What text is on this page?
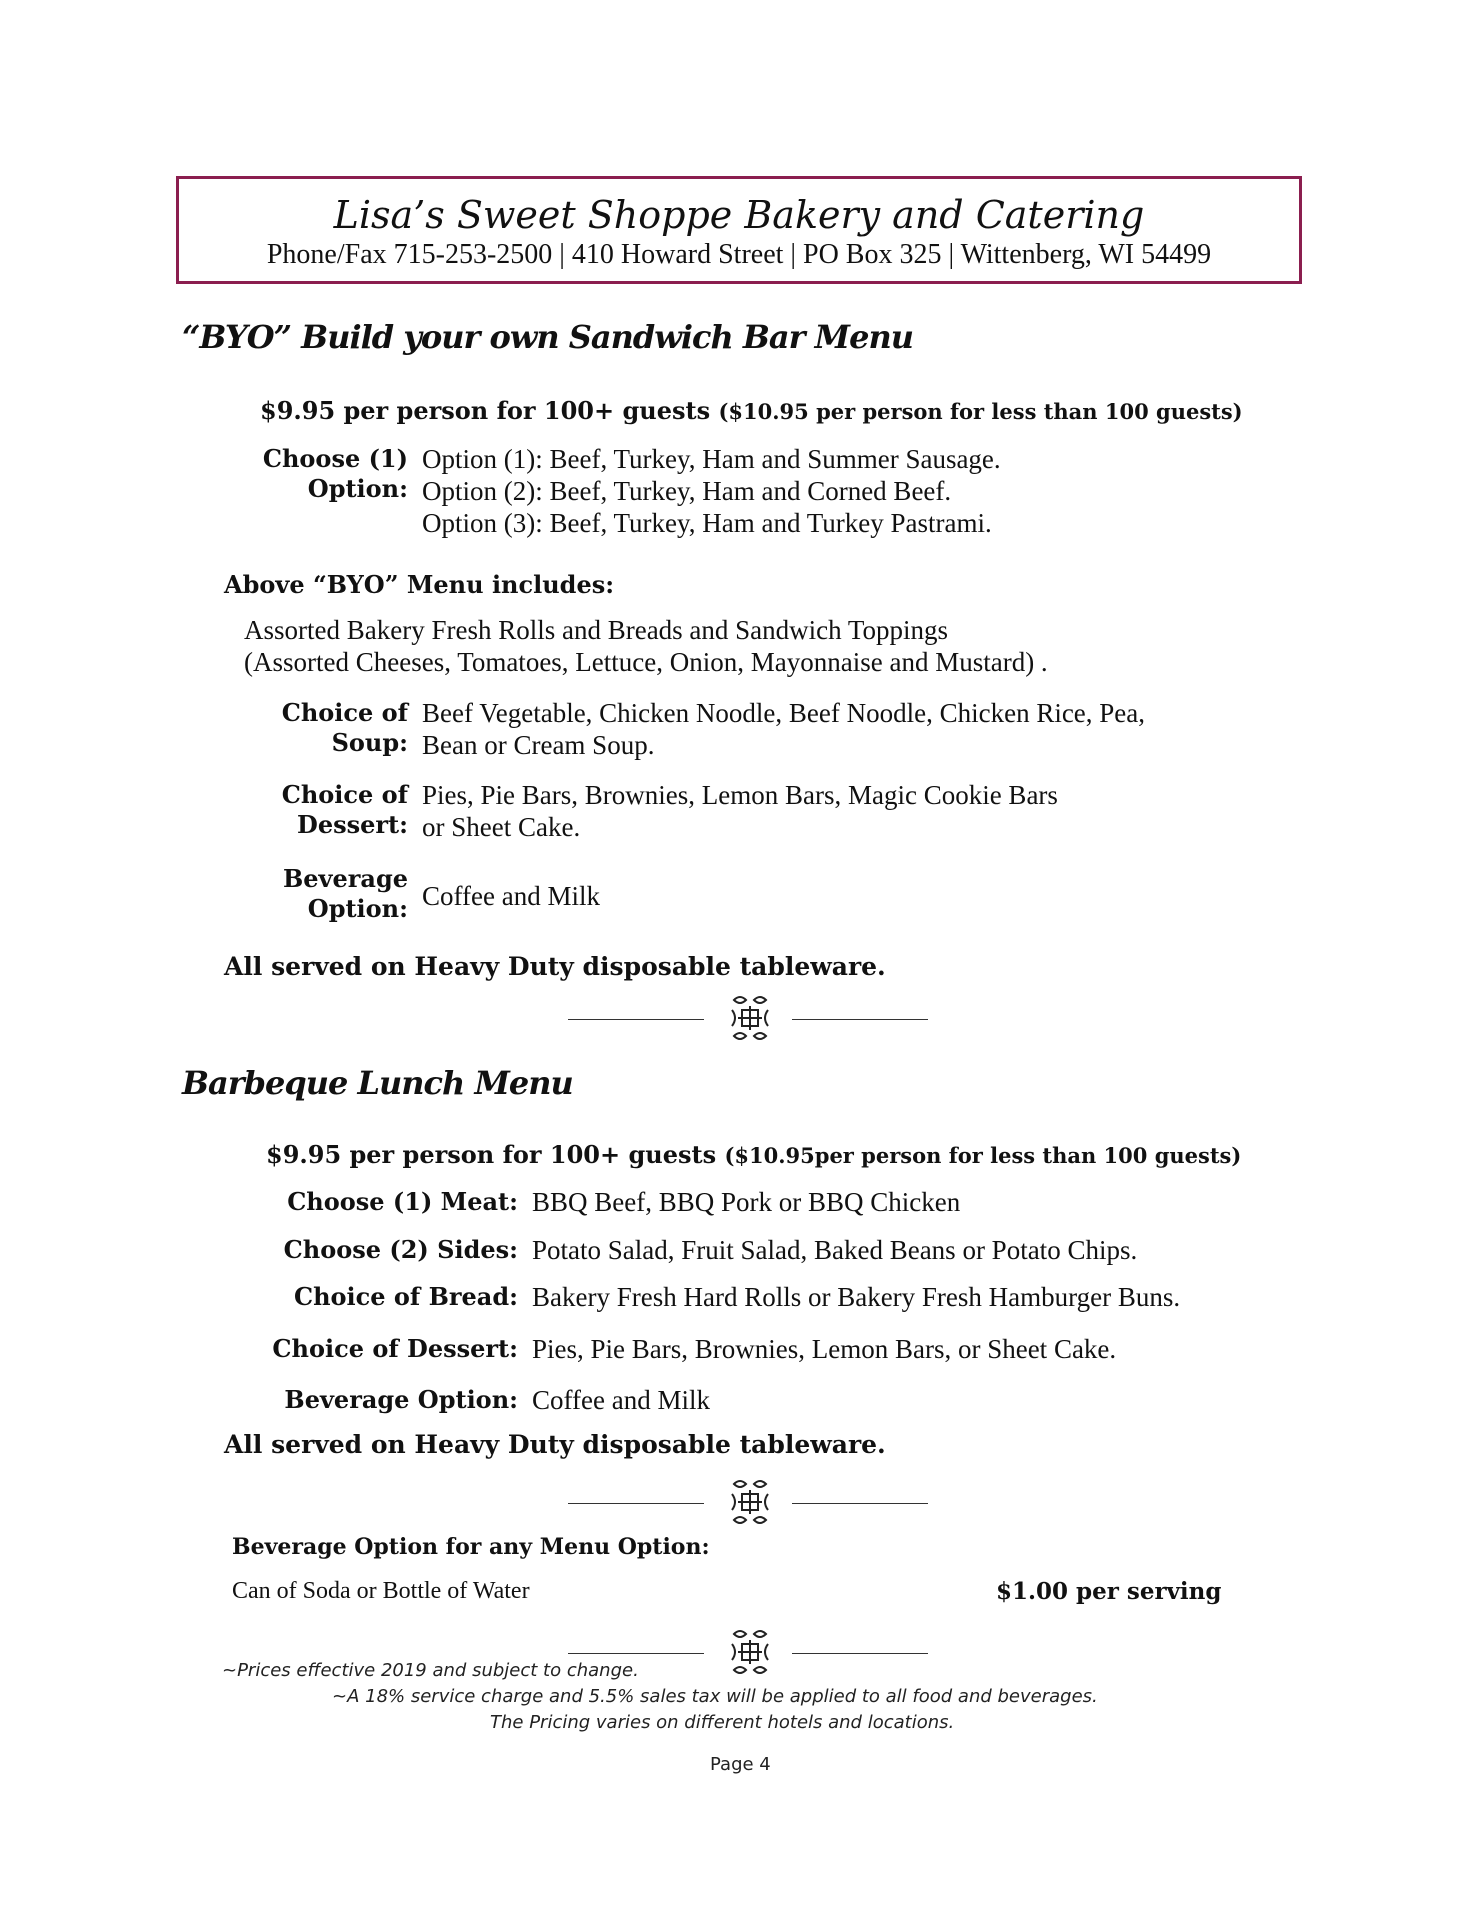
Lisa’s Sweet Shoppe Bakery and Catering
Phone/Fax 715-253-2500 | 410 Howard Street | PO Box 325 | Wittenberg, WI 54499
“BYO” Build your own Sandwich Bar Menu
$9.95 per person for 100+ guests ($10.95 per person for less than 100 guests)
Choose (1)
Option:
Option (1): Beef, Turkey, Ham and Summer Sausage.
Option (2): Beef, Turkey, Ham and Corned Beef.
Option (3): Beef, Turkey, Ham and Turkey Pastrami.
Above “BYO” Menu includes:
Assorted Bakery Fresh Rolls and Breads and Sandwich Toppings
(Assorted Cheeses, Tomatoes, Lettuce, Onion, Mayonnaise and Mustard) .
Choice of
Soup:
Beef Vegetable, Chicken Noodle, Beef Noodle, Chicken Rice, Pea,
Bean or Cream Soup.
Choice of
Dessert:
Pies, Pie Bars, Brownies, Lemon Bars, Magic Cookie Bars
or Sheet Cake.
Beverage
Option: Coffee and Milk
All served on Heavy Duty disposable tableware.
Barbeque Lunch Menu
$9.95 per person for 100+ guests ($10.95per person for less than 100 guests)
Choose (1) Meat: BBQ Beef, BBQ Pork or BBQ Chicken
Choose (2) Sides: Potato Salad, Fruit Salad, Baked Beans or Potato Chips.
Choice of Bread: Bakery Fresh Hard Rolls or Bakery Fresh Hamburger Buns.
Choice of Dessert: Pies, Pie Bars, Brownies, Lemon Bars, or Sheet Cake.
Beverage Option: Coffee and Milk
All served on Heavy Duty disposable tableware.
Beverage Option for any Menu Option:
Can of Soda or Bottle of Water	$1.00 per serving
~Prices effective 2019 and subject to change.
~A 18% service charge and 5.5% sales tax will be applied to all food and beverages.
The Pricing varies on different hotels and locations.
Page 4
